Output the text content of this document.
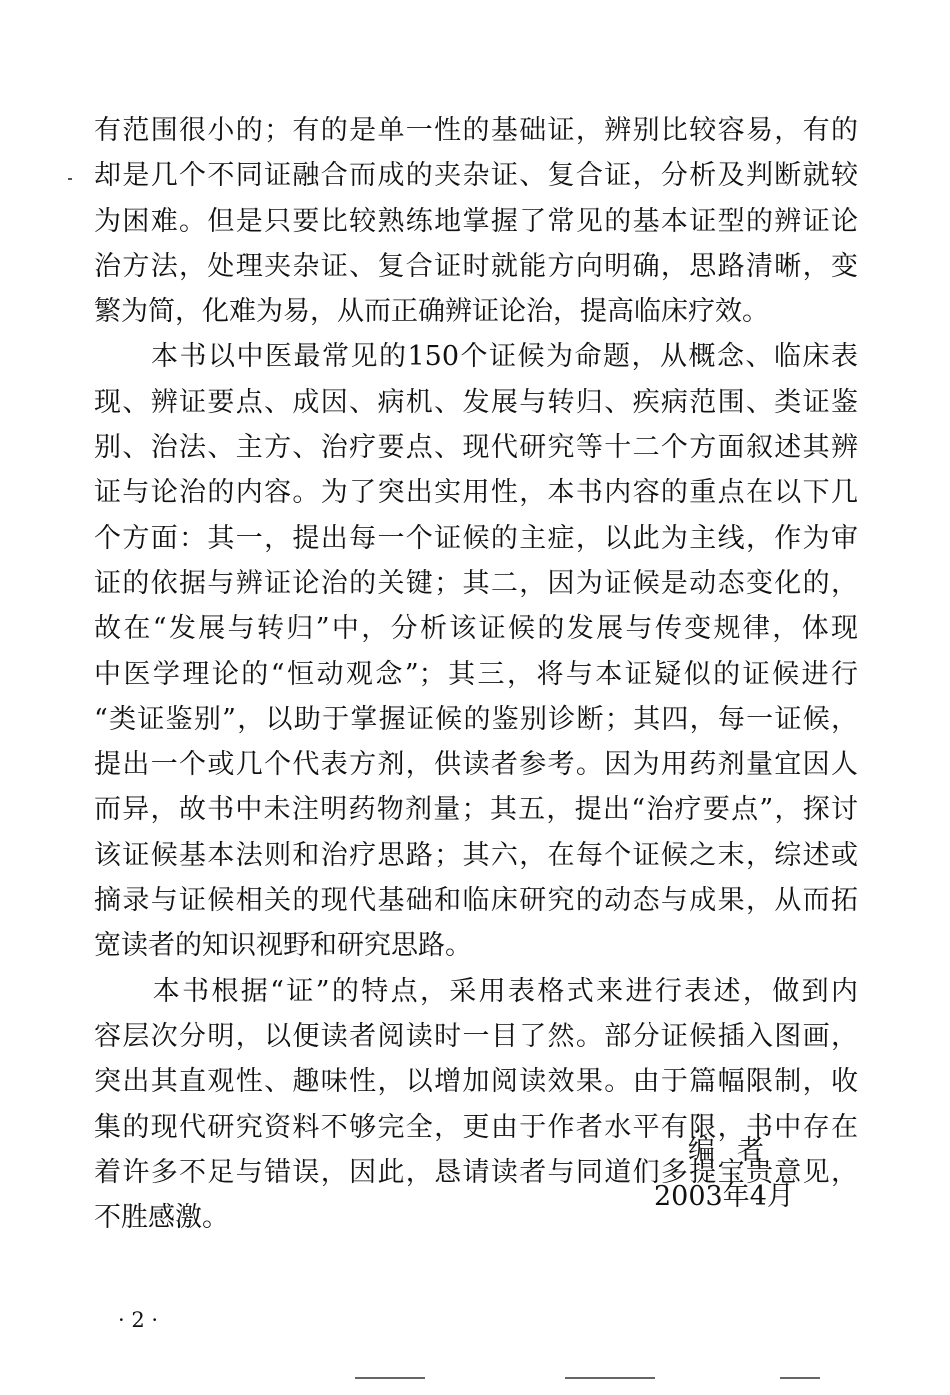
有范围很小的；有的是单一性的基础证，辨别比较容易，有的
却是几个不同证融合而成的夹杂证、复合证，分析及判断就较
为困难。但是只要比较熟练地掌握了常见的基本证型的辨证论
治方法，处理夹杂证、复合证时就能方向明确，思路清晰，变
繁为简，化难为易，从而正确辨证论治，提高临床疗效。
　　本书以中医最常见的150个证候为命题，从概念、临床表
现、辨证要点、成因、病机、发展与转归、疾病范围、类证鉴
别、治法、主方、治疗要点、现代研究等十二个方面叙述其辨
证与论治的内容。为了突出实用性，本书内容的重点在以下几
个方面：其一，提出每一个证候的主症，以此为主线，作为审
证的依据与辨证论治的关键；其二，因为证候是动态变化的，
故在“发展与转归”中，分析该证候的发展与传变规律，体现
中医学理论的“恒动观念”；其三，将与本证疑似的证候进行
“类证鉴别”，以助于掌握证候的鉴别诊断；其四，每一证候，
提出一个或几个代表方剂，供读者参考。因为用药剂量宜因人
而异，故书中未注明药物剂量；其五，提出“治疗要点”，探讨
该证候基本法则和治疗思路；其六，在每个证候之末，综述或
摘录与证候相关的现代基础和临床研究的动态与成果，从而拓
宽读者的知识视野和研究思路。
　　本书根据“证”的特点，采用表格式来进行表述，做到内
容层次分明，以便读者阅读时一目了然。部分证候插入图画，
突出其直观性、趣味性，以增加阅读效果。由于篇幅限制，收
集的现代研究资料不够完全，更由于作者水平有限，书中存在
着许多不足与错误，因此，恳请读者与同道们多提宝贵意见，
不胜感激。
编者
2003年4月
· 2 ·
